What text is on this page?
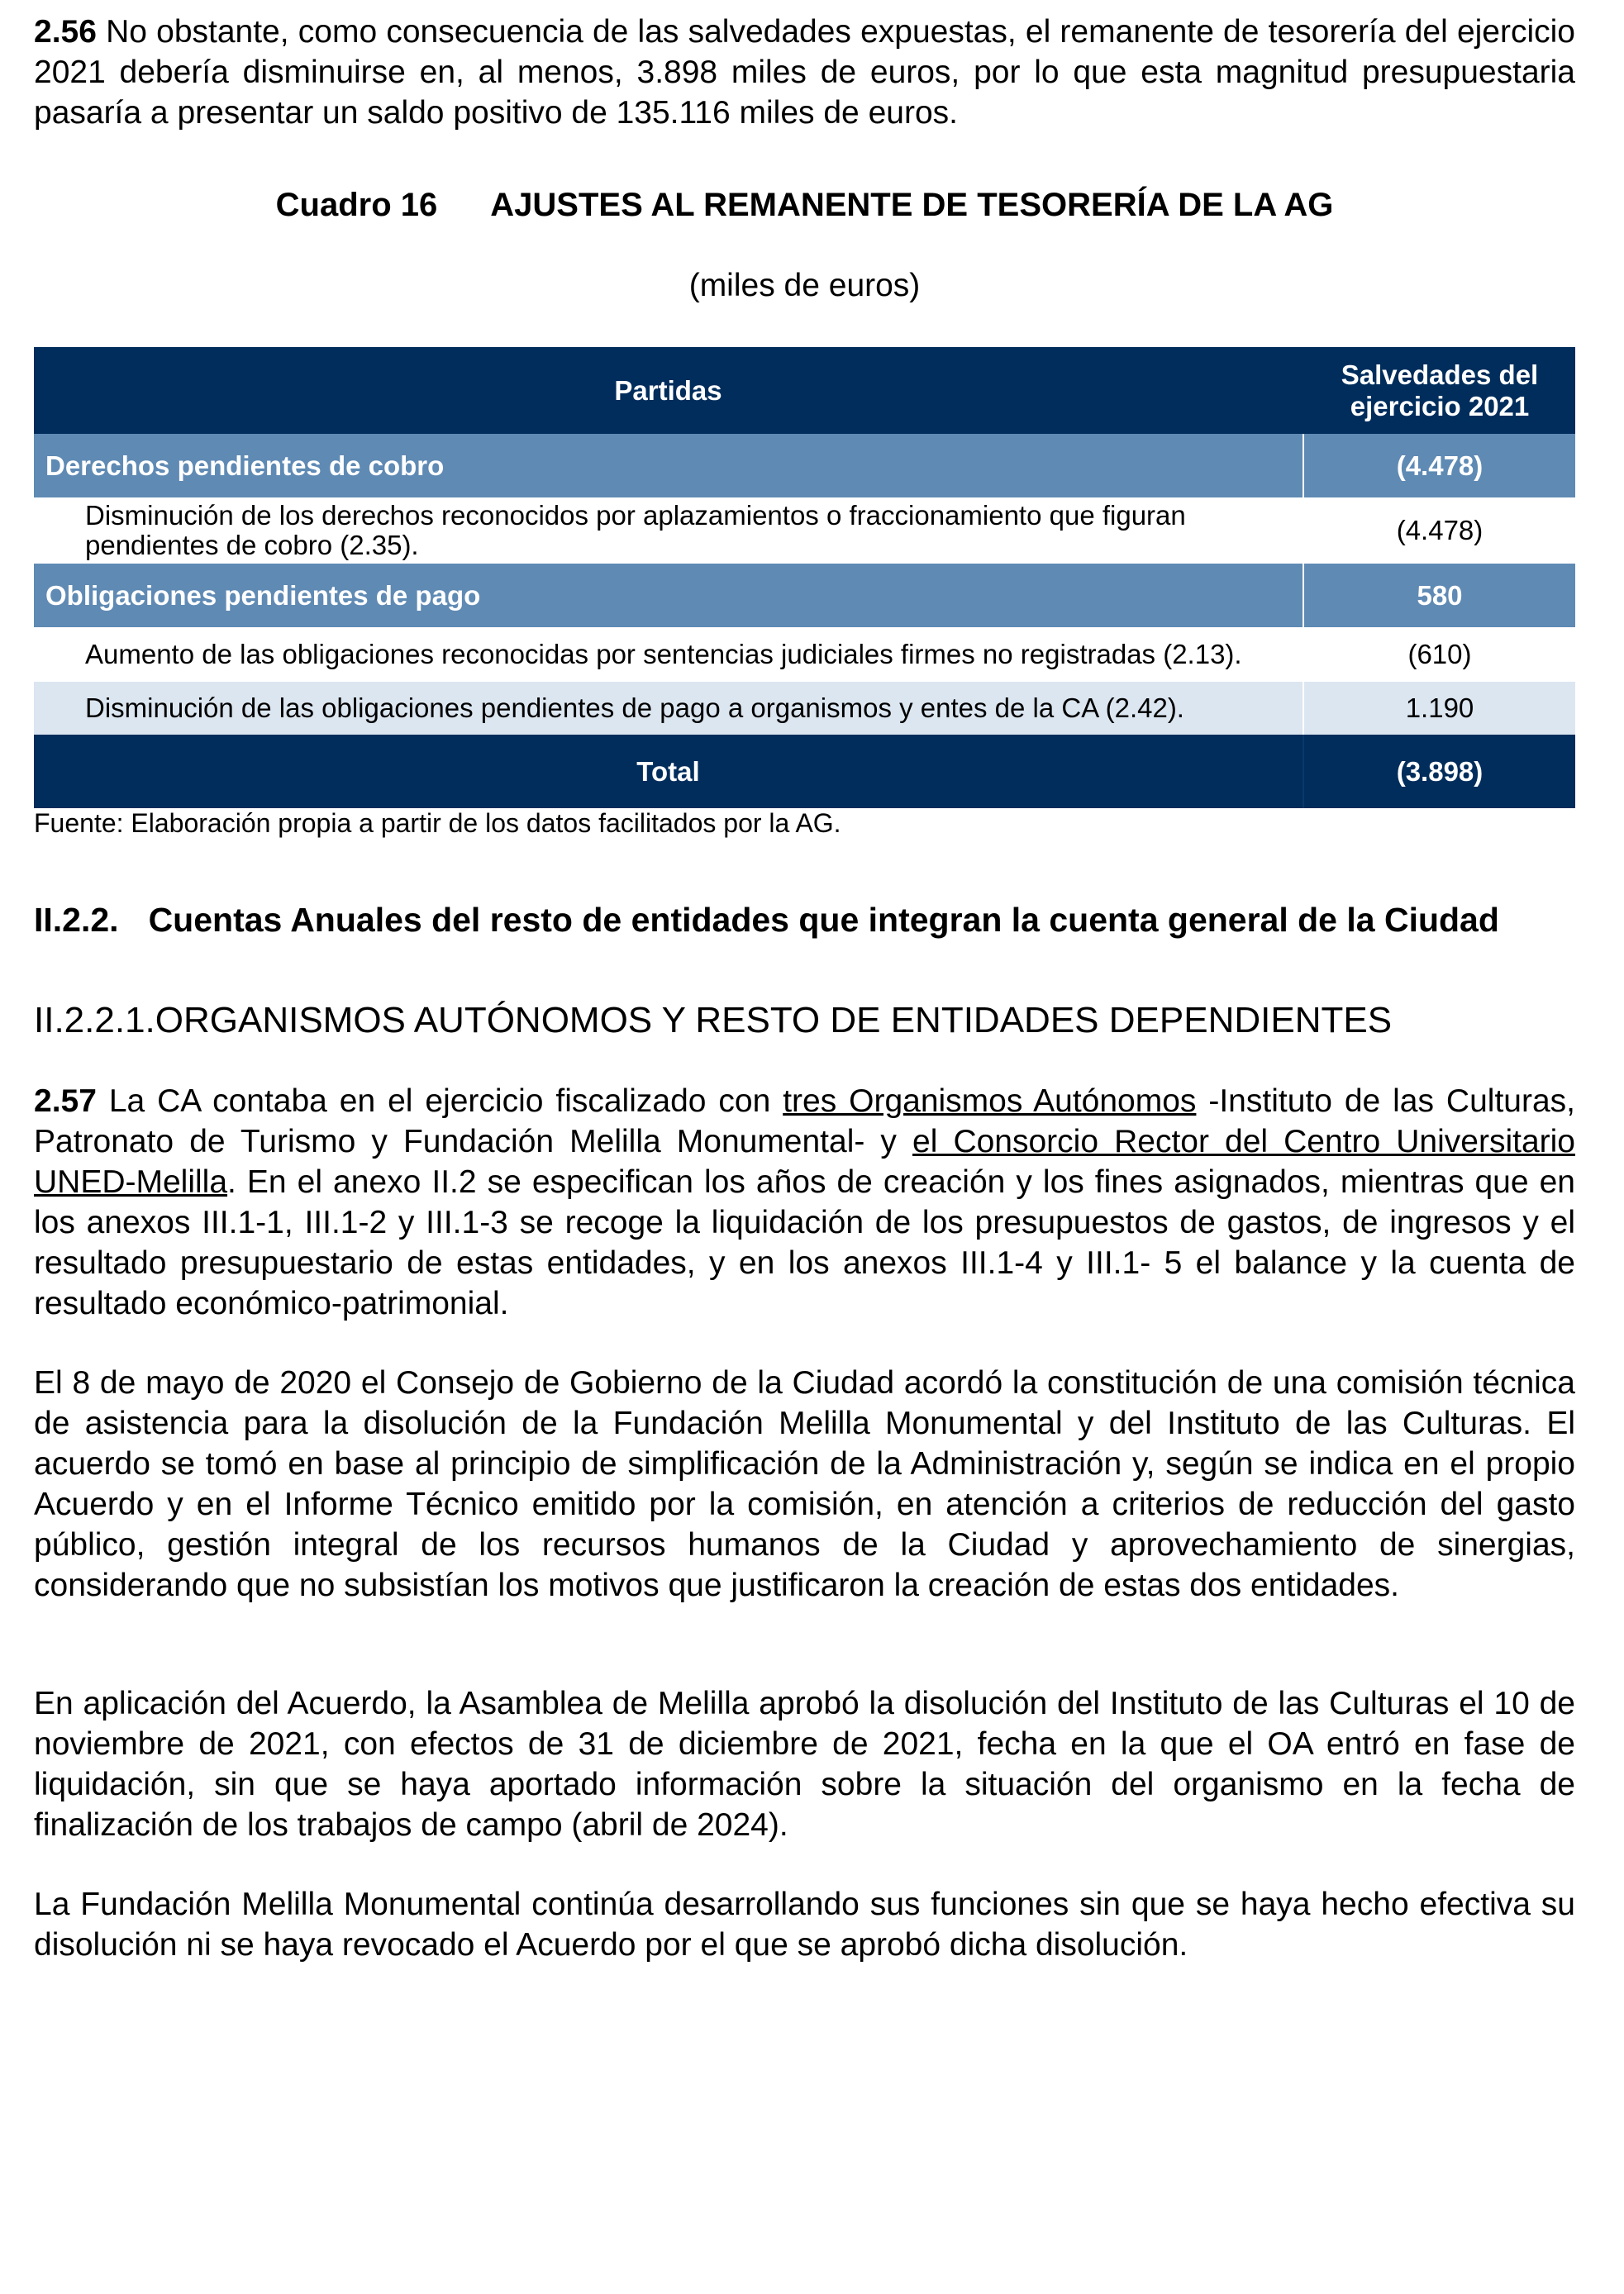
2.56 No obstante, como consecuencia de las salvedades expuestas, el remanente de tesorería del ejercicio 2021 debería disminuirse en, al menos, 3.898 miles de euros, por lo que esta magnitud presupuestaria pasaría a presentar un saldo positivo de 135.116 miles de euros.

Cuadro 16 AJUSTES AL REMANENTE DE TESORERÍA DE LA AG
(miles de euros)
Partidas	Salvedades del ejercicio 2021
Derechos pendientes de cobro	(4.478)
Disminución de los derechos reconocidos por aplazamientos o fraccionamiento que figuran pendientes de cobro (2.35).	(4.478)
Obligaciones pendientes de pago	580
Aumento de las obligaciones reconocidas por sentencias judiciales firmes no registradas (2.13).	(610)
Disminución de las obligaciones pendientes de pago a organismos y entes de la CA (2.42).	1.190
Total	(3.898)
Fuente: Elaboración propia a partir de los datos facilitados por la AG.
II.2.2. Cuentas Anuales del resto de entidades que integran la cuenta general de la Ciudad
II.2.2.1.ORGANISMOS AUTÓNOMOS Y RESTO DE ENTIDADES DEPENDIENTES

2.57 La CA contaba en el ejercicio fiscalizado con tres Organismos Autónomos -Instituto de las Culturas, Patronato de Turismo y Fundación Melilla Monumental- y el Consorcio Rector del Centro Universitario UNED-Melilla. En el anexo II.2 se especifican los años de creación y los fines asignados, mientras que en los anexos III.1-1, III.1-2 y III.1-3 se recoge la liquidación de los presupuestos de gastos, de ingresos y el resultado presupuestario de estas entidades, y en los anexos III.1-4 y III.1- 5 el balance y la cuenta de resultado económico-patrimonial.

El 8 de mayo de 2020 el Consejo de Gobierno de la Ciudad acordó la constitución de una comisión técnica de asistencia para la disolución de la Fundación Melilla Monumental y del Instituto de las Culturas. El acuerdo se tomó en base al principio de simplificación de la Administración y, según se indica en el propio Acuerdo y en el Informe Técnico emitido por la comisión, en atención a criterios de reducción del gasto público, gestión integral de los recursos humanos de la Ciudad y aprovechamiento de sinergias, considerando que no subsistían los motivos que justificaron la creación de estas dos entidades.

En aplicación del Acuerdo, la Asamblea de Melilla aprobó la disolución del Instituto de las Culturas el 10 de noviembre de 2021, con efectos de 31 de diciembre de 2021, fecha en la que el OA entró en fase de liquidación, sin que se haya aportado información sobre la situación del organismo en la fecha de finalización de los trabajos de campo (abril de 2024).

La Fundación Melilla Monumental continúa desarrollando sus funciones sin que se haya hecho efectiva su disolución ni se haya revocado el Acuerdo por el que se aprobó dicha disolución.
